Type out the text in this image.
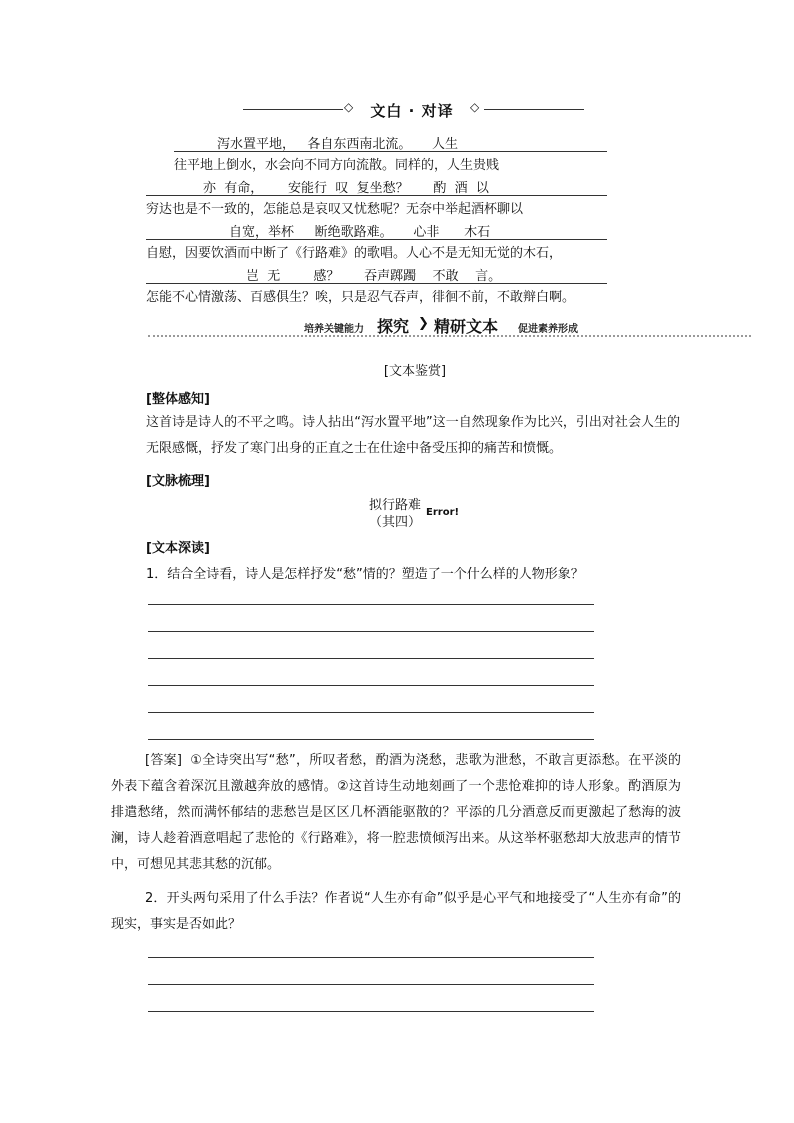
◇	文白 · 对译	◇
泻水置平地，   各自东西南北流。     人生
往平地上倒水，水会向不同方向流散。同样的，人生贵贱
亦  有命，      安能行  叹  复坐愁？      酌  酒  以
穷达也是不一致的，怎能总是哀叹又忧愁呢？无奈中举起酒杯聊以
自宽，举杯     断绝歌路难。     心非      木石
自慰，因要饮酒而中断了《行路难》的歌唱。人心不是无知无觉的木石，
岂  无        感？      吞声踯躅    不敢    言。
怎能不心情激荡、百感俱生？唉，只是忍气吞声，徘徊不前，不敢辩白啊。
培养关键能力 探究 ❯ 精研文本 促进素养形成
[文本鉴赏]
[整体感知]
这首诗是诗人的不平之鸣。诗人拈出“泻水置平地”这一自然现象作为比兴，引出对社会人生的无限感慨，抒发了寒门出身的正直之士在仕途中备受压抑的痛苦和愤慨。
[文脉梳理]
拟行路难
（其四）
Error!
[文本深读]
1．结合全诗看，诗人是怎样抒发“愁”情的？塑造了一个什么样的人物形象？
[答案] ①全诗突出写“愁”，所叹者愁，酌酒为浇愁，悲歌为泄愁，不敢言更添愁。在平淡的外表下蕴含着深沉且激越奔放的感情。②这首诗生动地刻画了一个悲怆难抑的诗人形象。酌酒原为排遣愁绪，然而满怀郁结的悲愁岂是区区几杯酒能驱散的？平添的几分酒意反而更激起了愁海的波澜，诗人趁着酒意唱起了悲怆的《行路难》，将一腔悲愤倾泻出来。从这举杯驱愁却大放悲声的情节中，可想见其悲其愁的沉郁。
2．开头两句采用了什么手法？作者说“人生亦有命”似乎是心平气和地接受了“人生亦有命”的现实，事实是否如此？
